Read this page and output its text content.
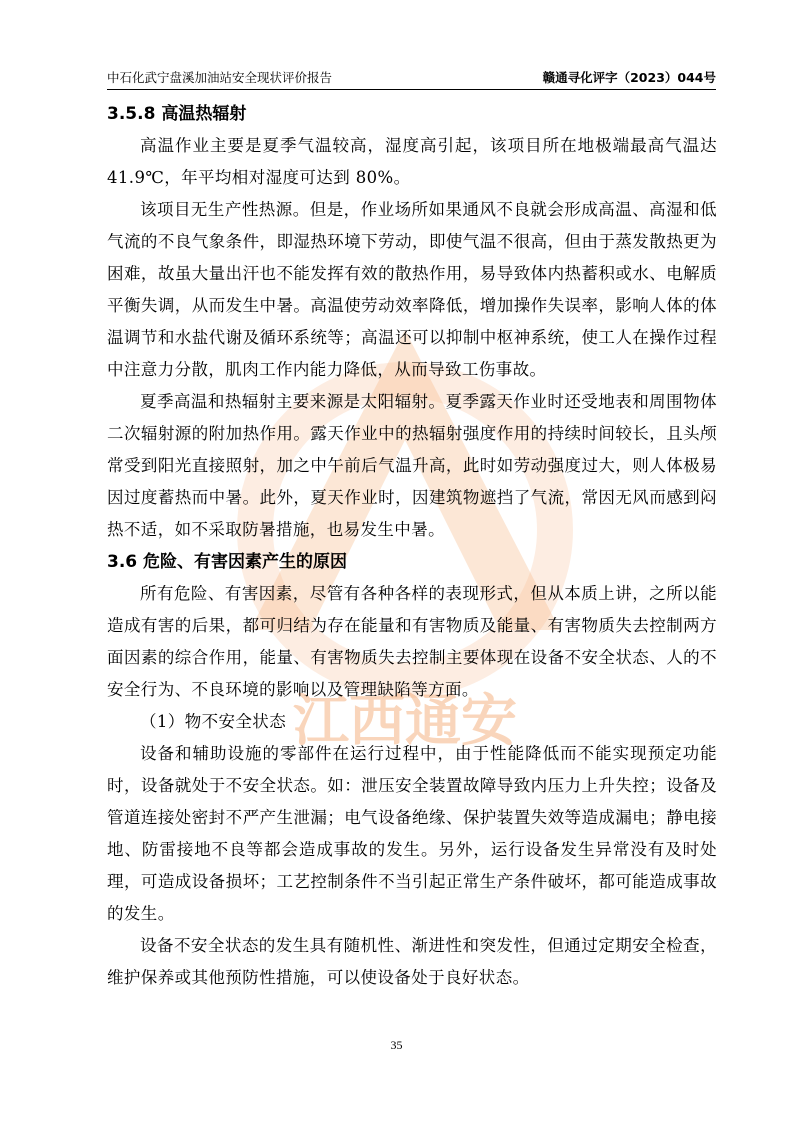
中石化武宁盘溪加油站安全现状评价报告	赣通寻化评字（2023）044号
江西通安
3.5.8 高温热辐射

高温作业主要是夏季气温较高，湿度高引起，该项目所在地极端最高气温达 41.9℃，年平均相对湿度可达到 80%。

该项目无生产性热源。但是，作业场所如果通风不良就会形成高温、高湿和低气流的不良气象条件，即湿热环境下劳动，即使气温不很高，但由于蒸发散热更为困难，故虽大量出汗也不能发挥有效的散热作用，易导致体内热蓄积或水、电解质平衡失调，从而发生中暑。高温使劳动效率降低，增加操作失误率，影响人体的体温调节和水盐代谢及循环系统等；高温还可以抑制中枢神系统，使工人在操作过程中注意力分散，肌肉工作内能力降低，从而导致工伤事故。

夏季高温和热辐射主要来源是太阳辐射。夏季露天作业时还受地表和周围物体二次辐射源的附加热作用。露天作业中的热辐射强度作用的持续时间较长，且头颅常受到阳光直接照射，加之中午前后气温升高，此时如劳动强度过大，则人体极易因过度蓄热而中暑。此外，夏天作业时，因建筑物遮挡了气流，常因无风而感到闷热不适，如不采取防暑措施，也易发生中暑。

3.6 危险、有害因素产生的原因

所有危险、有害因素，尽管有各种各样的表现形式，但从本质上讲，之所以能造成有害的后果，都可归结为存在能量和有害物质及能量、有害物质失去控制两方面因素的综合作用，能量、有害物质失去控制主要体现在设备不安全状态、人的不安全行为、不良环境的影响以及管理缺陷等方面。

（1）物不安全状态

设备和辅助设施的零部件在运行过程中，由于性能降低而不能实现预定功能时，设备就处于不安全状态。如：泄压安全装置故障导致内压力上升失控；设备及管道连接处密封不严产生泄漏；电气设备绝缘、保护装置失效等造成漏电；静电接地、防雷接地不良等都会造成事故的发生。另外，运行设备发生异常没有及时处理，可造成设备损坏；工艺控制条件不当引起正常生产条件破坏，都可能造成事故的发生。

设备不安全状态的发生具有随机性、渐进性和突发性，但通过定期安全检查，维护保养或其他预防性措施，可以使设备处于良好状态。

35
